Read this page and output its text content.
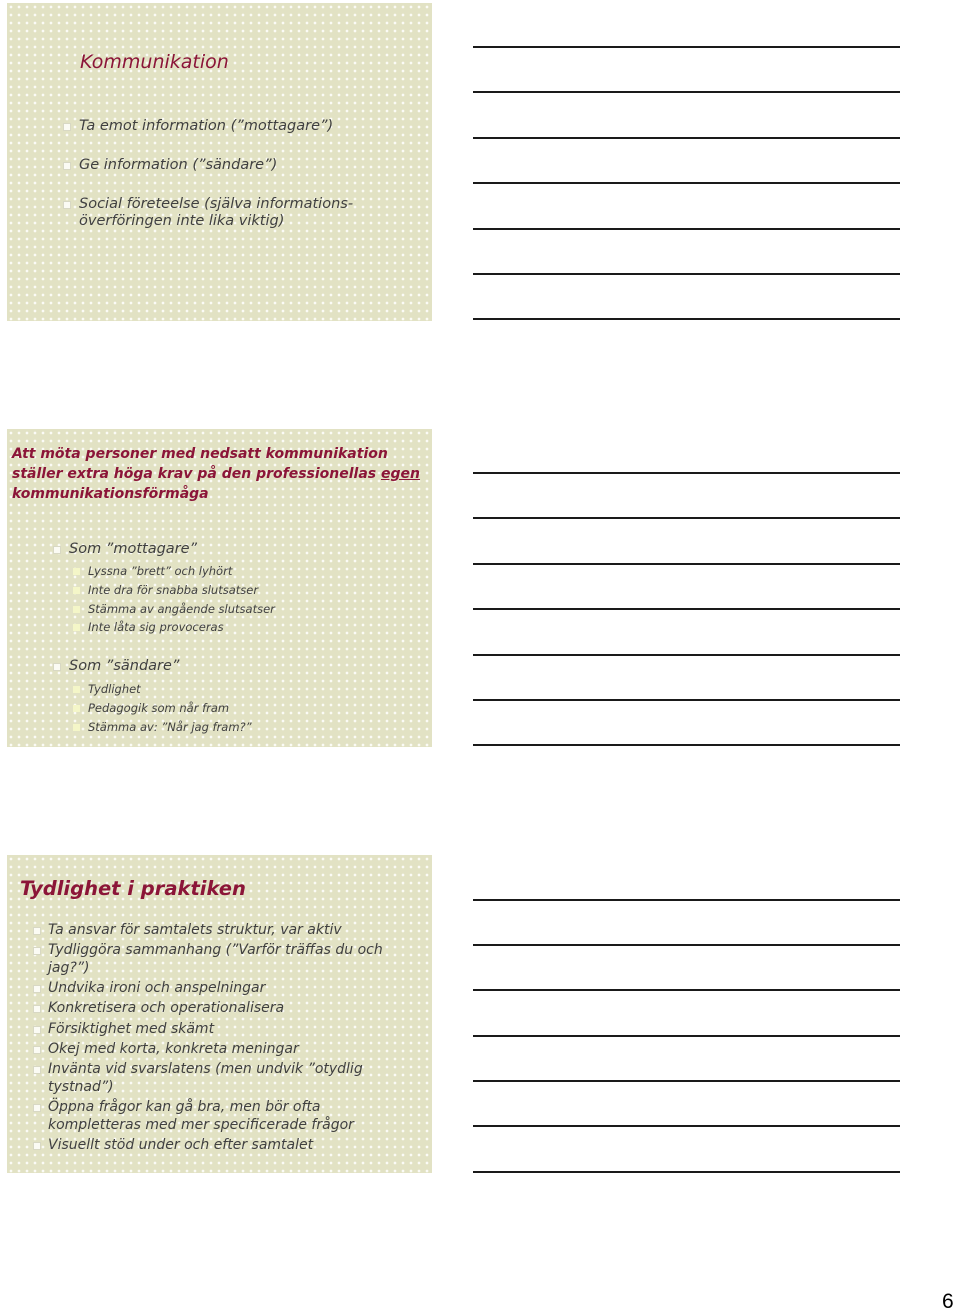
Kommunikation
Ta emot information (”mottagare”)
Ge information (”sändare”)
Social företeelse (själva informations-överföringen inte lika viktig)
Att möta personer med nedsatt kommunikation ställer extra höga krav på den professionellas egen kommunikationsförmåga
Som ”mottagare”
Lyssna ”brett” och lyhört
Inte dra för snabba slutsatser
Stämma av angående slutsatser
Inte låta sig provoceras
Som ”sändare”
Tydlighet
Pedagogik som når fram
Stämma av: ”Når jag fram?”
Tydlighet i praktiken
Ta ansvar för samtalets struktur, var aktiv
Tydliggöra sammanhang (”Varför träffas du och jag?”)
Undvika ironi och anspelningar
Konkretisera och operationalisera
Försiktighet med skämt
Okej med korta, konkreta meningar
Invänta vid svarslatens (men undvik ”otydlig tystnad”)
Öppna frågor kan gå bra, men bör ofta kompletteras med mer specificerade frågor
Visuellt stöd under och efter samtalet
6
